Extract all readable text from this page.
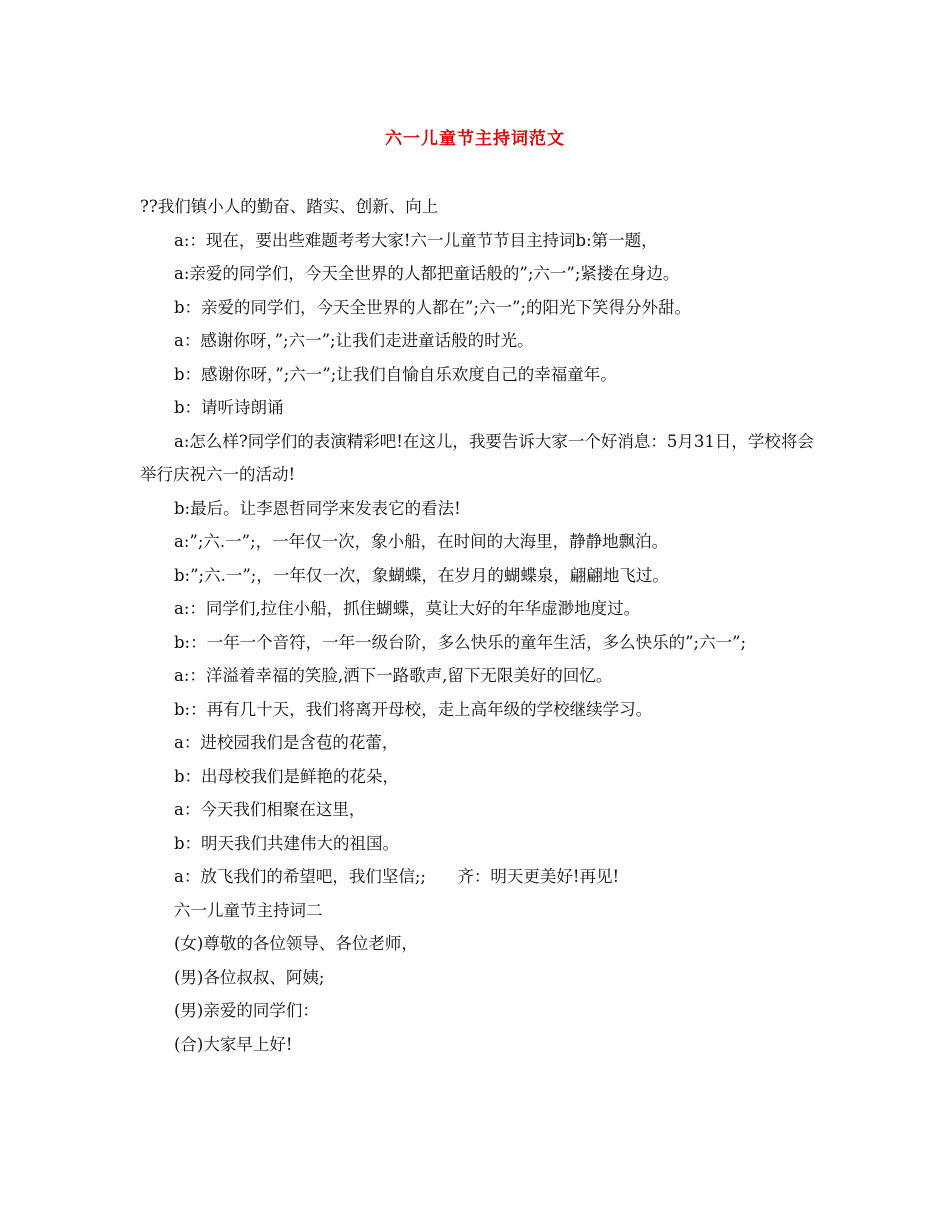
六一儿童节主持词范文

??我们镇小人的勤奋、踏实、创新、向上

a:：现在，要出些难题考考大家!六一儿童节节目主持词b:第一题，

a:亲爱的同学们，今天全世界的人都把童话般的”;六一”;紧搂在身边。

b：亲爱的同学们，今天全世界的人都在”;六一”;的阳光下笑得分外甜。

a：感谢你呀，”;六一”;让我们走进童话般的时光。

b：感谢你呀，”;六一”;让我们自愉自乐欢度自己的幸福童年。

b：请听诗朗诵

a:怎么样?同学们的表演精彩吧!在这儿，我要告诉大家一个好消息：5月31日，学校将会举行庆祝六一的活动!

b:最后。让李恩哲同学来发表它的看法!

a:”;六.一”;，一年仅一次，象小船，在时间的大海里，静静地飘泊。

b:”;六.一”;，一年仅一次，象蝴蝶，在岁月的蝴蝶泉，翩翩地飞过。

a:：同学们,拉住小船，抓住蝴蝶，莫让大好的年华虚渺地度过。

b:：一年一个音符，一年一级台阶，多么快乐的童年生活，多么快乐的”;六一”;

a:：洋溢着幸福的笑脸,洒下一路歌声,留下无限美好的回忆。

b:：再有几十天，我们将离开母校，走上高年级的学校继续学习。

a：进校园我们是含苞的花蕾，

b：出母校我们是鲜艳的花朵，

a：今天我们相聚在这里，

b：明天我们共建伟大的祖国。

a：放飞我们的希望吧，我们坚信;;      齐：明天更美好!再见!

六一儿童节主持词二

(女)尊敬的各位领导、各位老师，

(男)各位叔叔、阿姨;

(男)亲爱的同学们：

(合)大家早上好!
